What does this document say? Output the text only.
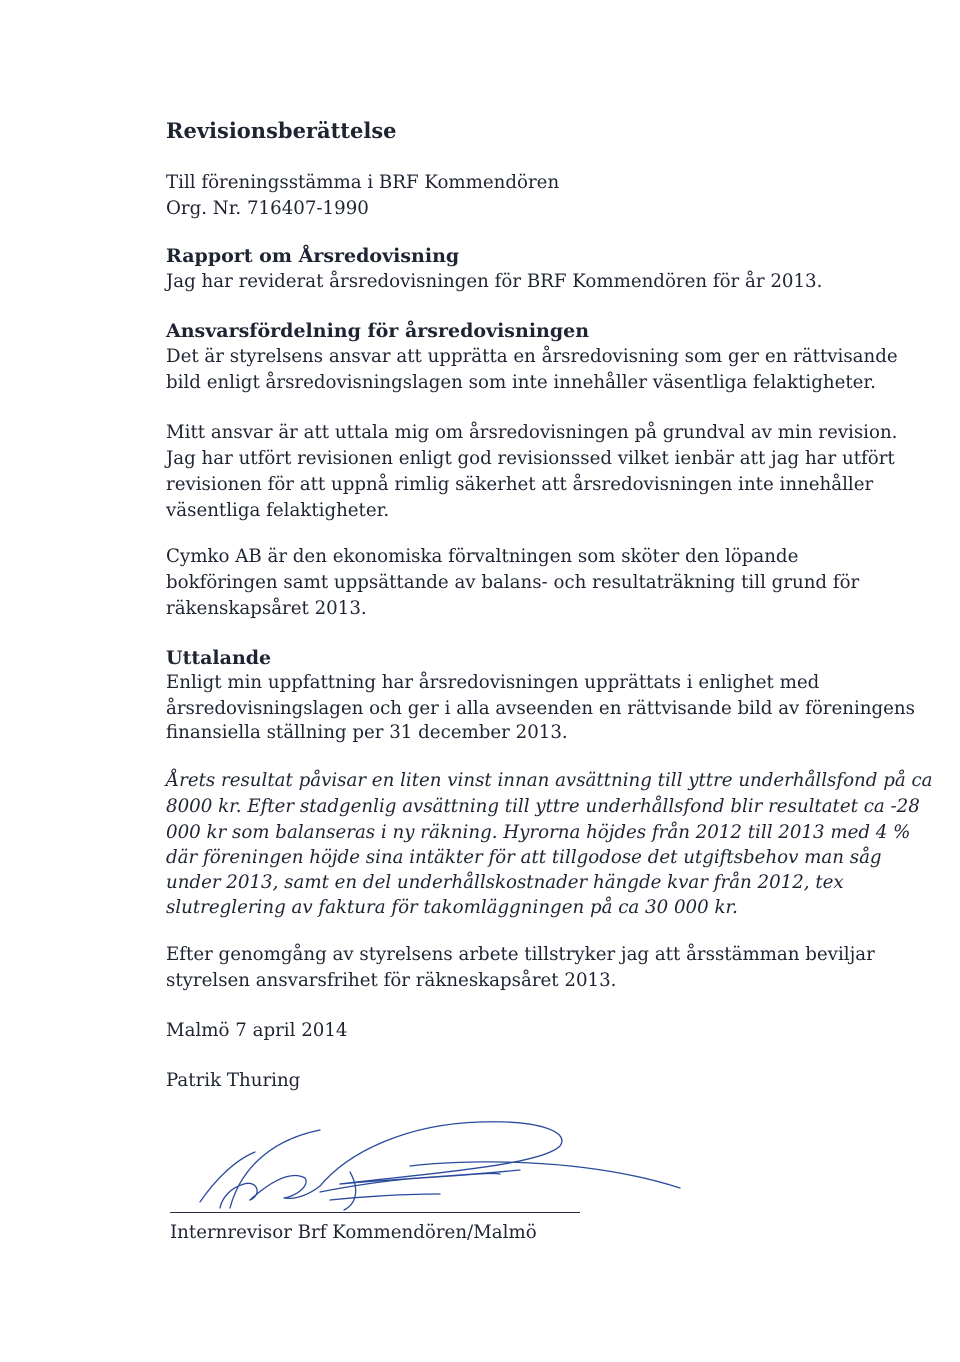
Revisionsberättelse
Till föreningsstämma i BRF Kommendören
Org. Nr. 716407-1990
Rapport om Årsredovisning
Jag har reviderat årsredovisningen för BRF Kommendören för år 2013.
Ansvarsfördelning för årsredovisningen
Det är styrelsens ansvar att upprätta en årsredovisning som ger en rättvisande
bild enligt årsredovisningslagen som inte innehåller väsentliga felaktigheter.
Mitt ansvar är att uttala mig om årsredovisningen på grundval av min revision.
Jag har utfört revisionen enligt god revisionssed vilket ienbär att jag har utfört
revisionen för att uppnå rimlig säkerhet att årsredovisningen inte innehåller
väsentliga felaktigheter.
Cymko AB är den ekonomiska förvaltningen som sköter den löpande
bokföringen samt uppsättande av balans- och resultaträkning till grund för
räkenskapsåret 2013.
Uttalande
Enligt min uppfattning har årsredovisningen upprättats i enlighet med
årsredovisningslagen och ger i alla avseenden en rättvisande bild av föreningens
finansiella ställning per 31 december 2013.
Årets resultat påvisar en liten vinst innan avsättning till yttre underhållsfond på ca
8000 kr. Efter stadgenlig avsättning till yttre underhållsfond blir resultatet ca -28
000 kr som balanseras i ny räkning. Hyrorna höjdes från 2012 till 2013 med 4 %
där föreningen höjde sina intäkter för att tillgodose det utgiftsbehov man såg
under 2013, samt en del underhållskostnader hängde kvar från 2012, tex
slutreglering av faktura för takomläggningen på ca 30 000 kr.
Efter genomgång av styrelsens arbete tillstryker jag att årsstämman beviljar
styrelsen ansvarsfrihet för räkneskapsåret 2013.
Malmö 7 april 2014
Patrik Thuring
Internrevisor Brf Kommendören/Malmö
